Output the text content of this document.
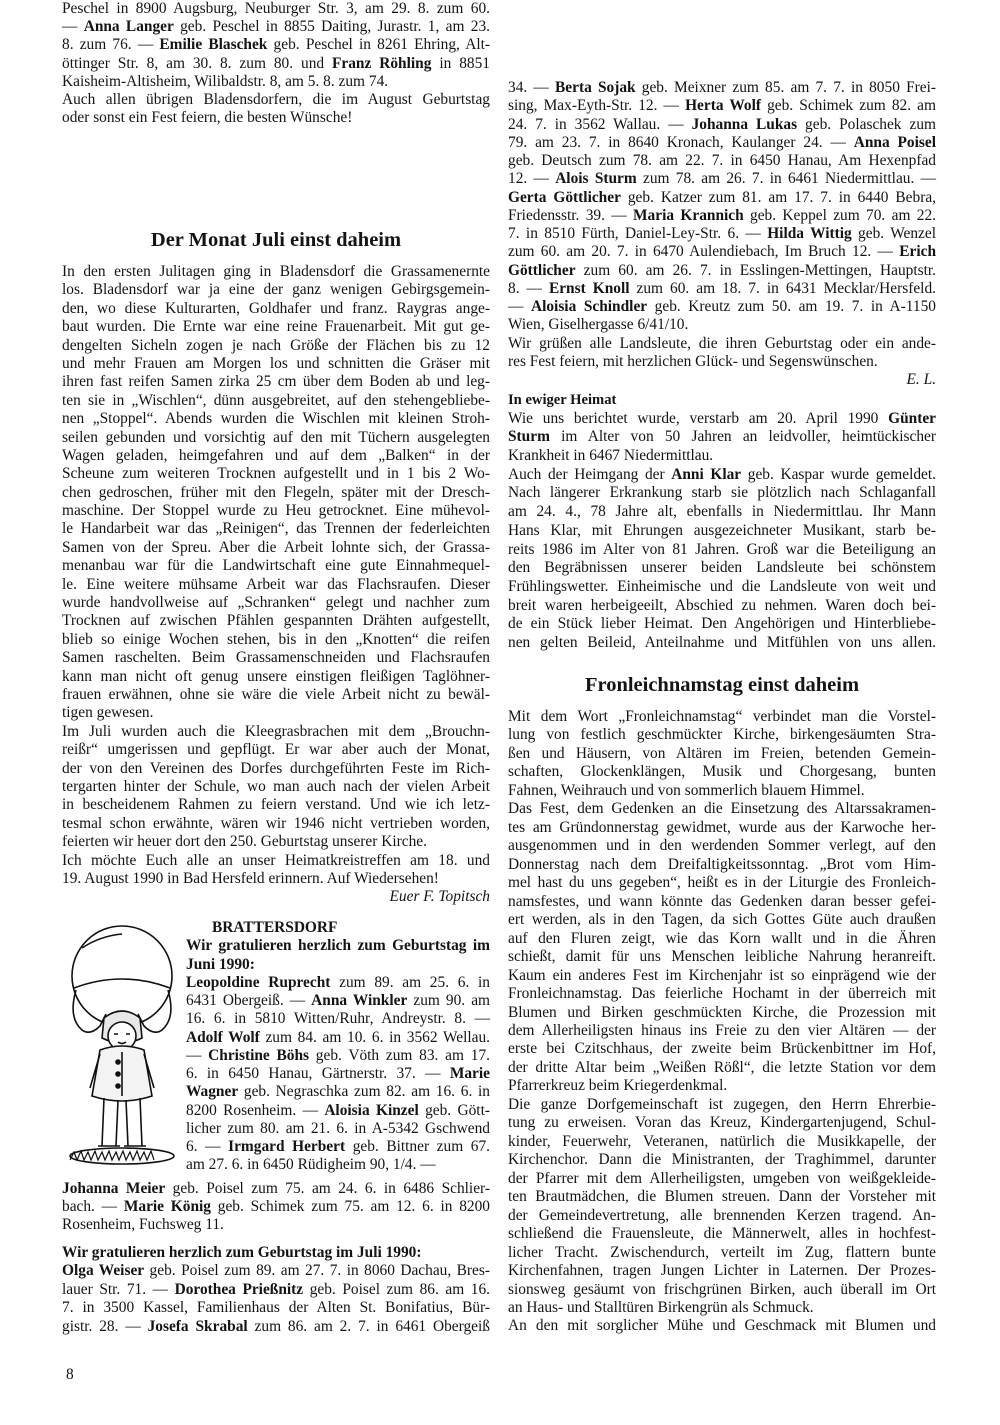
Peschel in 8900 Augsburg, Neuburger Str. 3, am 29. 8. zum 60.
— Anna Langer geb. Peschel in 8855 Daiting, Jurastr. 1, am 23.
8. zum 76. — Emilie Blaschek geb. Peschel in 8261 Ehring, Alt-
öttinger Str. 8, am 30. 8. zum 80. und Franz Röhling in 8851
Kaisheim-Altisheim, Wilibaldstr. 8, am 5. 8. zum 74.
Auch allen übrigen Bladensdorfern, die im August Geburtstag
oder sonst ein Fest feiern, die besten Wünsche!
Der Monat Juli einst daheim
In den ersten Julitagen ging in Bladensdorf die Grassamenernte
los. Bladensdorf war ja eine der ganz wenigen Gebirgsgemein-
den, wo diese Kulturarten, Goldhafer und franz. Raygras ange-
baut wurden. Die Ernte war eine reine Frauenarbeit. Mit gut ge-
dengelten Sicheln zogen je nach Größe der Flächen bis zu 12
und mehr Frauen am Morgen los und schnitten die Gräser mit
ihren fast reifen Samen zirka 25 cm über dem Boden ab und leg-
ten sie in „Wischlen“, dünn ausgebreitet, auf den stehengebliebe-
nen „Stoppel“. Abends wurden die Wischlen mit kleinen Stroh-
seilen gebunden und vorsichtig auf den mit Tüchern ausgelegten
Wagen geladen, heimgefahren und auf dem „Balken“ in der
Scheune zum weiteren Trocknen aufgestellt und in 1 bis 2 Wo-
chen gedroschen, früher mit den Flegeln, später mit der Dresch-
maschine. Der Stoppel wurde zu Heu getrocknet. Eine mühevol-
le Handarbeit war das „Reinigen“, das Trennen der federleichten
Samen von der Spreu. Aber die Arbeit lohnte sich, der Grassa-
menanbau war für die Landwirtschaft eine gute Einnahmequel-
le. Eine weitere mühsame Arbeit war das Flachsraufen. Dieser
wurde handvollweise auf „Schranken“ gelegt und nachher zum
Trocknen auf zwischen Pfählen gespannten Drähten aufgestellt,
blieb so einige Wochen stehen, bis in den „Knotten“ die reifen
Samen raschelten. Beim Grassamenschneiden und Flachsraufen
kann man nicht oft genug unsere einstigen fleißigen Taglöhner-
frauen erwähnen, ohne sie wäre die viele Arbeit nicht zu bewäl-
tigen gewesen.
Im Juli wurden auch die Kleegrasbrachen mit dem „Brouchn-
reißr“ umgerissen und gepflügt. Er war aber auch der Monat,
der von den Vereinen des Dorfes durchgeführten Feste im Rich-
tergarten hinter der Schule, wo man auch nach der vielen Arbeit
in bescheidenem Rahmen zu feiern verstand. Und wie ich letz-
tesmal schon erwähnte, wären wir 1946 nicht vertrieben worden,
feierten wir heuer dort den 250. Geburtstag unserer Kirche.
Ich möchte Euch alle an unser Heimatkreistreffen am 18. und
19. August 1990 in Bad Hersfeld erinnern. Auf Wiedersehen!
Euer F. Topitsch
BRATTERSDORF
Wir gratulieren herzlich zum Geburtstag im
Juni 1990:
Leopoldine Ruprecht zum 89. am 25. 6. in
6431 Obergeiß. — Anna Winkler zum 90. am
16. 6. in 5810 Witten/Ruhr, Andreystr. 8. —
Adolf Wolf zum 84. am 10. 6. in 3562 Wellau.
— Christine Böhs geb. Vöth zum 83. am 17.
6. in 6450 Hanau, Gärtnerstr. 37. — Marie
Wagner geb. Negraschka zum 82. am 16. 6. in
8200 Rosenheim. — Aloisia Kinzel geb. Gött-
licher zum 80. am 21. 6. in A-5342 Gschwend
6. — Irmgard Herbert geb. Bittner zum 67.
am 27. 6. in 6450 Rüdigheim 90, 1/4. —
Johanna Meier geb. Poisel zum 75. am 24. 6. in 6486 Schlier-
bach. — Marie König geb. Schimek zum 75. am 12. 6. in 8200
Rosenheim, Fuchsweg 11.
Wir gratulieren herzlich zum Geburtstag im Juli 1990:
Olga Weiser geb. Poisel zum 89. am 27. 7. in 8060 Dachau, Bres-
lauer Str. 71. — Dorothea Prießnitz geb. Poisel zum 86. am 16.
7. in 3500 Kassel, Familienhaus der Alten St. Bonifatius, Bür-
gistr. 28. — Josefa Skrabal zum 86. am 2. 7. in 6461 Obergeiß
8
34. — Berta Sojak geb. Meixner zum 85. am 7. 7. in 8050 Frei-
sing, Max-Eyth-Str. 12. — Herta Wolf geb. Schimek zum 82. am
24. 7. in 3562 Wallau. — Johanna Lukas geb. Polaschek zum
79. am 23. 7. in 8640 Kronach, Kaulanger 24. — Anna Poisel
geb. Deutsch zum 78. am 22. 7. in 6450 Hanau, Am Hexenpfad
12. — Alois Sturm zum 78. am 26. 7. in 6461 Niedermittlau. —
Gerta Göttlicher geb. Katzer zum 81. am 17. 7. in 6440 Bebra,
Friedensstr. 39. — Maria Krannich geb. Keppel zum 70. am 22.
7. in 8510 Fürth, Daniel-Ley-Str. 6. — Hilda Wittig geb. Wenzel
zum 60. am 20. 7. in 6470 Aulendiebach, Im Bruch 12. — Erich
Göttlicher zum 60. am 26. 7. in Esslingen-Mettingen, Hauptstr.
8. — Ernst Knoll zum 60. am 18. 7. in 6431 Mecklar/Hersfeld.
— Aloisia Schindler geb. Kreutz zum 50. am 19. 7. in A-1150
Wien, Giselhergasse 6/41/10.
Wir grüßen alle Landsleute, die ihren Geburtstag oder ein ande-
res Fest feiern, mit herzlichen Glück- und Segenswünschen.
E. L.
In ewiger Heimat
Wie uns berichtet wurde, verstarb am 20. April 1990 Günter
Sturm im Alter von 50 Jahren an leidvoller, heimtückischer
Krankheit in 6467 Niedermittlau.
Auch der Heimgang der Anni Klar geb. Kaspar wurde gemeldet.
Nach längerer Erkrankung starb sie plötzlich nach Schlaganfall
am 24. 4., 78 Jahre alt, ebenfalls in Niedermittlau. Ihr Mann
Hans Klar, mit Ehrungen ausgezeichneter Musikant, starb be-
reits 1986 im Alter von 81 Jahren. Groß war die Beteiligung an
den Begräbnissen unserer beiden Landsleute bei schönstem
Frühlingswetter. Einheimische und die Landsleute von weit und
breit waren herbeigeeilt, Abschied zu nehmen. Waren doch bei-
de ein Stück lieber Heimat. Den Angehörigen und Hinterbliebe-
nen gelten Beileid, Anteilnahme und Mitfühlen von uns allen.
Fronleichnamstag einst daheim
Mit dem Wort „Fronleichnamstag“ verbindet man die Vorstel-
lung von festlich geschmückter Kirche, birkengesäumten Stra-
ßen und Häusern, von Altären im Freien, betenden Gemein-
schaften, Glockenklängen, Musik und Chorgesang, bunten
Fahnen, Weihrauch und von sommerlich blauem Himmel.
Das Fest, dem Gedenken an die Einsetzung des Altarssakramen-
tes am Gründonnerstag gewidmet, wurde aus der Karwoche her-
ausgenommen und in den werdenden Sommer verlegt, auf den
Donnerstag nach dem Dreifaltigkeitssonntag. „Brot vom Him-
mel hast du uns gegeben“, heißt es in der Liturgie des Fronleich-
namsfestes, und wann könnte das Gedenken daran besser gefei-
ert werden, als in den Tagen, da sich Gottes Güte auch draußen
auf den Fluren zeigt, wie das Korn wallt und in die Ähren
schießt, damit für uns Menschen leibliche Nahrung heranreift.
Kaum ein anderes Fest im Kirchenjahr ist so einprägend wie der
Fronleichnamstag. Das feierliche Hochamt in der überreich mit
Blumen und Birken geschmückten Kirche, die Prozession mit
dem Allerheiligsten hinaus ins Freie zu den vier Altären — der
erste bei Czitschhaus, der zweite beim Brückenbittner im Hof,
der dritte Altar beim „Weißen Rößl“, die letzte Station vor dem
Pfarrerkreuz beim Kriegerdenkmal.
Die ganze Dorfgemeinschaft ist zugegen, den Herrn Ehrerbie-
tung zu erweisen. Voran das Kreuz, Kindergartenjugend, Schul-
kinder, Feuerwehr, Veteranen, natürlich die Musikkapelle, der
Kirchenchor. Dann die Ministranten, der Traghimmel, darunter
der Pfarrer mit dem Allerheiligsten, umgeben von weißgekleide-
ten Brautmädchen, die Blumen streuen. Dann der Vorsteher mit
der Gemeindevertretung, alle brennenden Kerzen tragend. An-
schließend die Frauensleute, die Männerwelt, alles in hochfest-
licher Tracht. Zwischendurch, verteilt im Zug, flattern bunte
Kirchenfahnen, tragen Jungen Lichter in Laternen. Der Prozes-
sionsweg gesäumt von frischgrünen Birken, auch überall im Ort
an Haus- und Stalltüren Birkengrün als Schmuck.
An den mit sorglicher Mühe und Geschmack mit Blumen und
